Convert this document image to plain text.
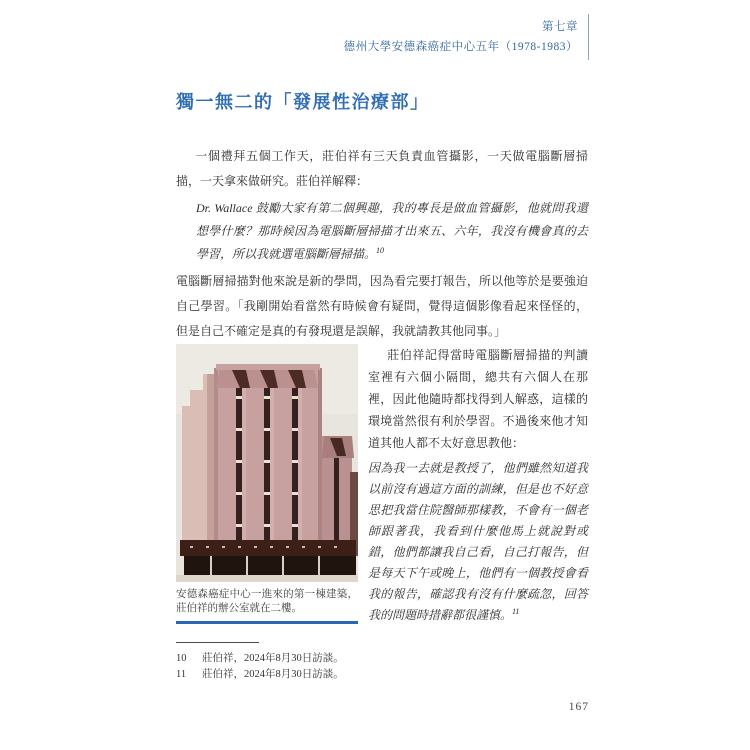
第七章
德州大學安德森癌症中心五年（1978-1983）
獨一無二的「發展性治療部」

一個禮拜五個工作天，莊伯祥有三天負責血管攝影，一天做電腦斷層掃描，一天拿來做研究。莊伯祥解釋：

Dr. Wallace 鼓勵大家有第二個興趣，我的專長是做血管攝影，他就問我還想學什麼？那時候因為電腦斷層掃描才出來五、六年，我沒有機會真的去學習，所以我就選電腦斷層掃描。$^{10}$

電腦斷層掃描對他來說是新的學問，因為看完要打報告，所以他等於是要強迫自己學習。「我剛開始看當然有時候會有疑問，覺得這個影像看起來怪怪的，但是自己不確定是真的有發現還是誤解，我就請教其他同事。」

安德森癌症中心一進來的第一棟建築，莊伯祥的辦公室就在二樓。

莊伯祥記得當時電腦斷層掃描的判讀室裡有六個小隔間，總共有六個人在那裡，因此他隨時都找得到人解惑，這樣的環境當然很有利於學習。不過後來他才知道其他人都不太好意思教他：

因為我一去就是教授了，他們雖然知道我以前沒有過這方面的訓練，但是也不好意思把我當住院醫師那樣教，不會有一個老師跟著我，我看到什麼他馬上就說對或錯，他們都讓我自己看，自己打報告，但是每天下午或晚上，他們有一個教授會看我的報告，確認我有沒有什麼疏忽，回答我的問題時措辭都很謹慎。$^{11}$

10	莊伯祥，2024年8月30日訪談。
11	莊伯祥，2024年8月30日訪談。
167
